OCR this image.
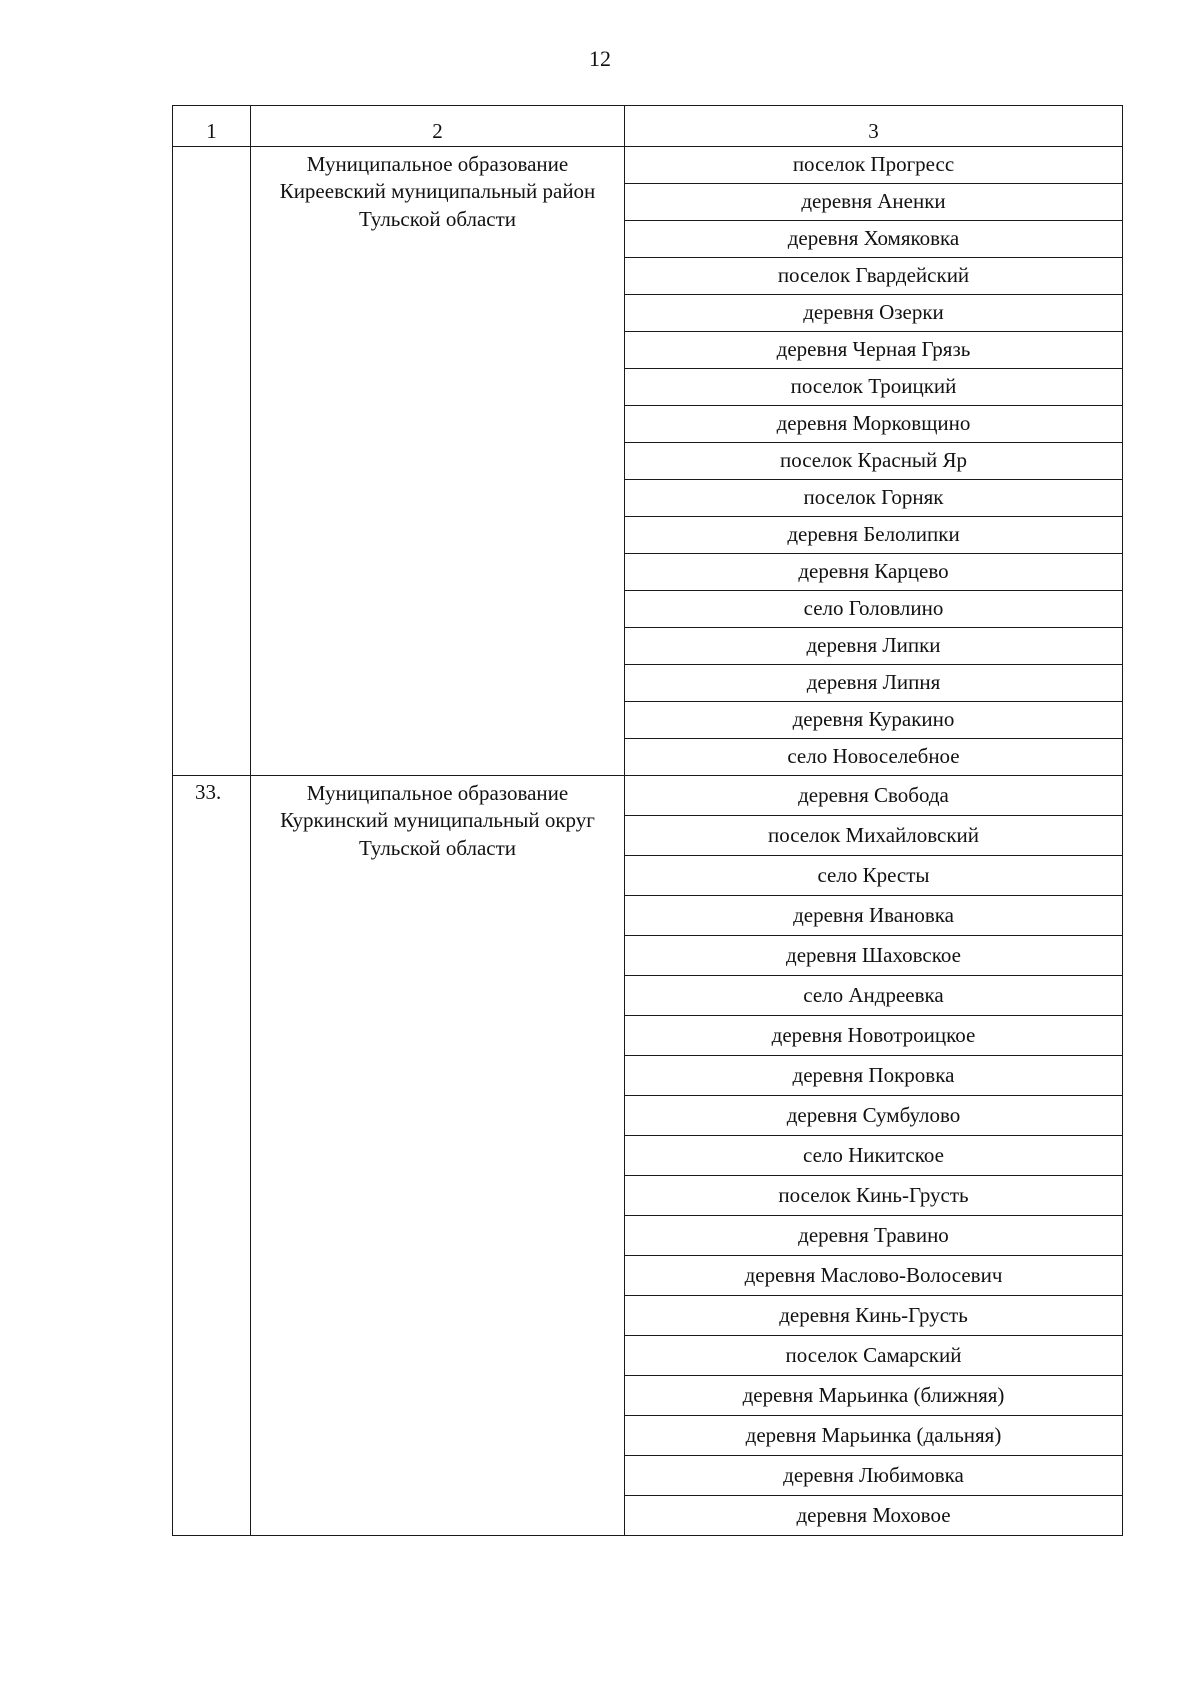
12
1	2	3
	Муниципальное образование Киреевский муниципальный район Тульской области	поселок Прогресс
		деревня Аненки
		деревня Хомяковка
		поселок Гвардейский
		деревня Озерки
		деревня Черная Грязь
		поселок Троицкий
		деревня Морковщино
		поселок Красный Яр
		поселок Горняк
		деревня Белолипки
		деревня Карцево
		село Головлино
		деревня Липки
		деревня Липня
		деревня Куракино
		село Новоселебное
33.	Муниципальное образование Куркинский муниципальный округ Тульской области	деревня Свобода
		поселок Михайловский
		село Кресты
		деревня Ивановка
		деревня Шаховское
		село Андреевка
		деревня Новотроицкое
		деревня Покровка
		деревня Сумбулово
		село Никитское
		поселок Кинь-Грусть
		деревня Травино
		деревня Маслово-Волосевич
		деревня Кинь-Грусть
		поселок Самарский
		деревня Марьинка (ближняя)
		деревня Марьинка (дальняя)
		деревня Любимовка
		деревня Моховое
